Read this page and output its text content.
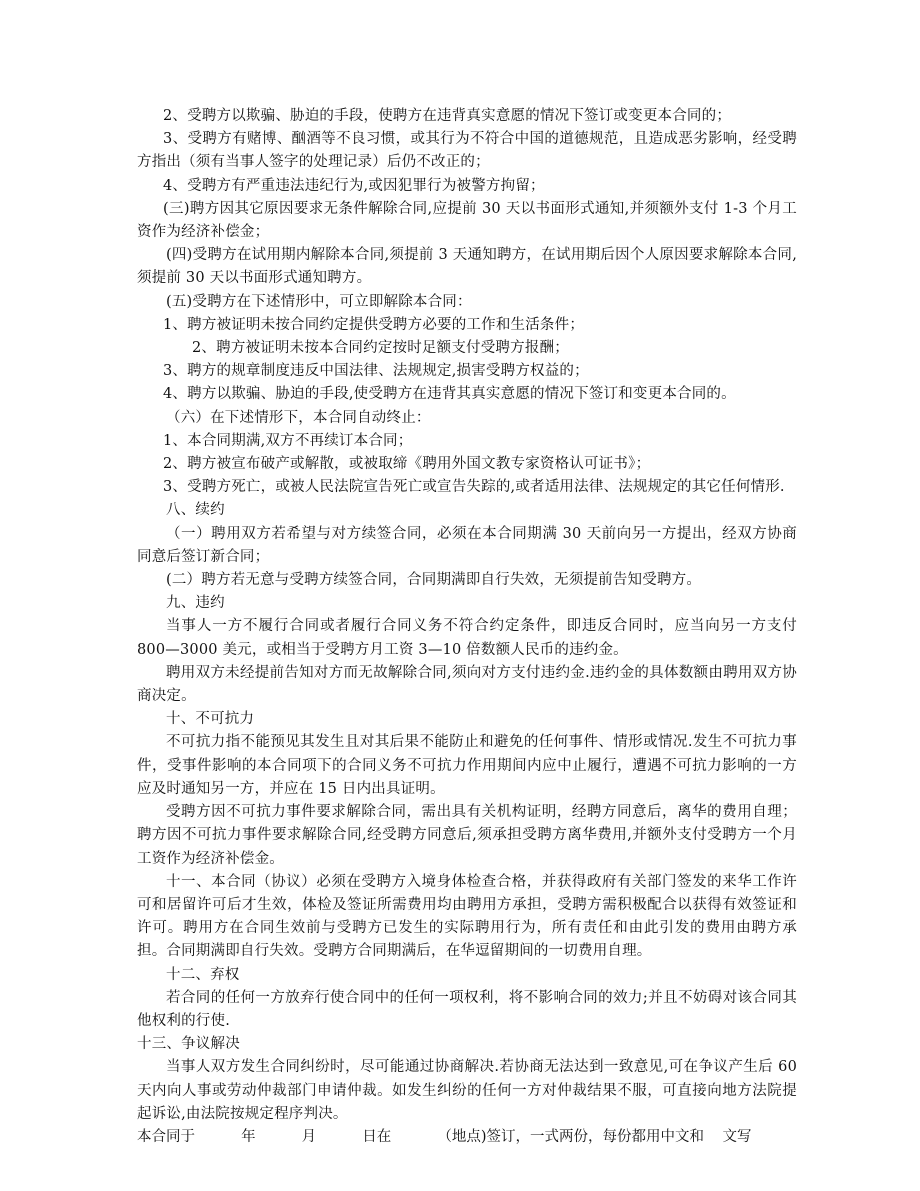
2、受聘方以欺骗、胁迫的手段，使聘方在违背真实意愿的情况下签订或变更本合同的；

3、受聘方有赌博、酗酒等不良习惯，或其行为不符合中国的道德规范，且造成恶劣影响，经受聘方指出（须有当事人签字的处理记录）后仍不改正的；

4、受聘方有严重违法违纪行为,或因犯罪行为被警方拘留；

(三)聘方因其它原因要求无条件解除合同,应提前 30 天以书面形式通知,并须额外支付 1-3 个月工资作为经济补偿金；

(四)受聘方在试用期内解除本合同,须提前 3 天通知聘方，在试用期后因个人原因要求解除本合同,须提前 30 天以书面形式通知聘方。

(五)受聘方在下述情形中，可立即解除本合同：

1、聘方被证明未按合同约定提供受聘方必要的工作和生活条件；

2、聘方被证明未按本合同约定按时足额支付受聘方报酬；

3、聘方的规章制度违反中国法律、法规规定,损害受聘方权益的；

4、聘方以欺骗、胁迫的手段,使受聘方在违背其真实意愿的情况下签订和变更本合同的。

（六）在下述情形下，本合同自动终止：

1、本合同期满,双方不再续订本合同；

2、聘方被宣布破产或解散，或被取缔《聘用外国文教专家资格认可证书》；

3、受聘方死亡，或被人民法院宣告死亡或宣告失踪的,或者适用法律、法规规定的其它任何情形.

八、续约

（一）聘用双方若希望与对方续签合同，必须在本合同期满 30 天前向另一方提出，经双方协商同意后签订新合同；

(二）聘方若无意与受聘方续签合同，合同期满即自行失效，无须提前告知受聘方。

九、违约

当事人一方不履行合同或者履行合同义务不符合约定条件，即违反合同时，应当向另一方支付 800—3000 美元，或相当于受聘方月工资 3—10 倍数额人民币的违约金。

聘用双方未经提前告知对方而无故解除合同,须向对方支付违约金.违约金的具体数额由聘用双方协商决定。

十、不可抗力

不可抗力指不能预见其发生且对其后果不能防止和避免的任何事件、情形或情况.发生不可抗力事件，受事件影响的本合同项下的合同义务不可抗力作用期间内应中止履行，遭遇不可抗力影响的一方应及时通知另一方，并应在 15 日内出具证明。

受聘方因不可抗力事件要求解除合同，需出具有关机构证明，经聘方同意后，离华的费用自理；聘方因不可抗力事件要求解除合同,经受聘方同意后,须承担受聘方离华费用,并额外支付受聘方一个月工资作为经济补偿金。

十一、本合同（协议）必须在受聘方入境身体检查合格，并获得政府有关部门签发的来华工作许可和居留许可后才生效，体检及签证所需费用均由聘用方承担，受聘方需积极配合以获得有效签证和许可。聘用方在合同生效前与受聘方已发生的实际聘用行为，所有责任和由此引发的费用由聘方承担。合同期满即自行失效。受聘方合同期满后，在华逗留期间的一切费用自理。

十二、弃权

若合同的任何一方放弃行使合同中的任何一项权利，将不影响合同的效力;并且不妨碍对该合同其他权利的行使.

十三、争议解决

当事人双方发生合同纠纷时，尽可能通过协商解决.若协商无法达到一致意见,可在争议产生后 60 天内向人事或劳动仲裁部门申请仲裁。如发生纠纷的任何一方对仲裁结果不服，可直接向地方法院提起诉讼,由法院按规定程序判决。

本合同于          年          月          日在          （地点)签订，一式两份，每份都用中文和    文写
